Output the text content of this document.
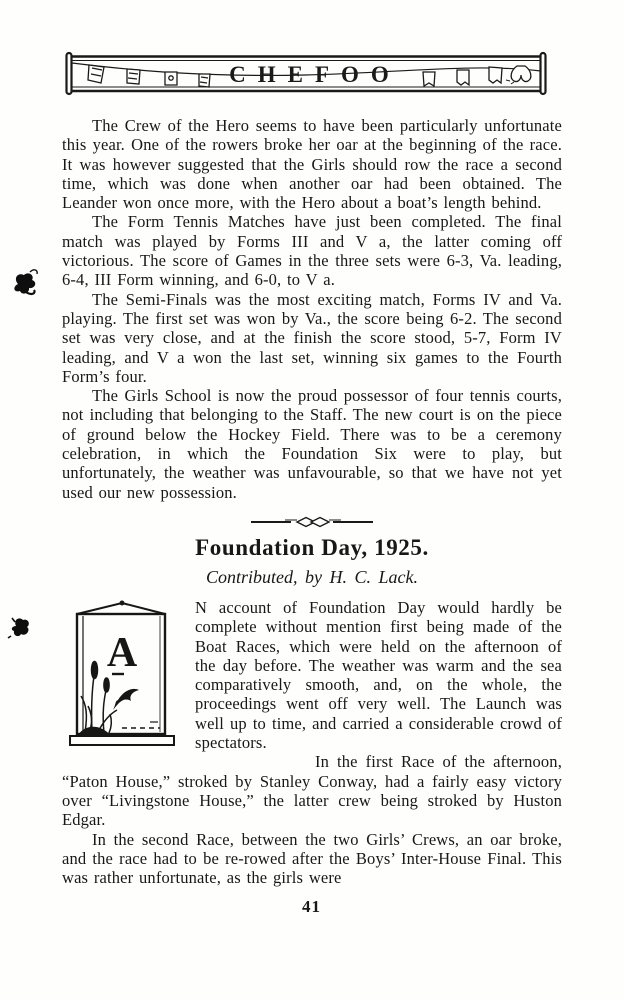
CHEFOO

The Crew of the Hero seems to have been particularly unfortunate this year. One of the rowers broke her oar at the beginning of the race. It was however suggested that the Girls should row the race a second time, which was done when another oar had been obtained. The Leander won once more, with the Hero about a boat’s length behind.

The Form Tennis Matches have just been completed. The final match was played by Forms III and V a, the latter coming off victorious. The score of Games in the three sets were 6-3, Va. leading, 6-4, III Form winning, and 6-0, to V a.

The Semi-Finals was the most exciting match, Forms IV and Va. playing. The first set was won by Va., the score being 6-2. The second set was very close, and at the finish the score stood, 5-7, Form IV leading, and V a won the last set, winning six games to the Fourth Form’s four.

The Girls School is now the proud possessor of four tennis courts, not including that belonging to the Staff. The new court is on the piece of ground below the Hockey Field. There was to be a ceremony celebration, in which the Foundation Six were to play, but unfortunately, the weather was unfavourable, so that we have not yet used our new possession.

Foundation Day, 1925.
Contributed, by H. C. Lack.
A

N account of Foundation Day would hardly be complete without mention first being made of the Boat Races, which were held on the afternoon of the day before. The weather was warm and the sea comparatively smooth, and, on the whole, the proceedings went off very well. The Launch was well up to time, and carried a considerable crowd of spectators.

In the first Race of the afternoon, “Paton House,” stroked by Stanley Conway, had a fairly easy victory over “Livingstone House,” the latter crew being stroked by Huston Edgar.

In the second Race, between the two Girls’ Crews, an oar broke, and the race had to be re-rowed after the Boys’ Inter-House Final. This was rather unfortunate, as the girls were

41
